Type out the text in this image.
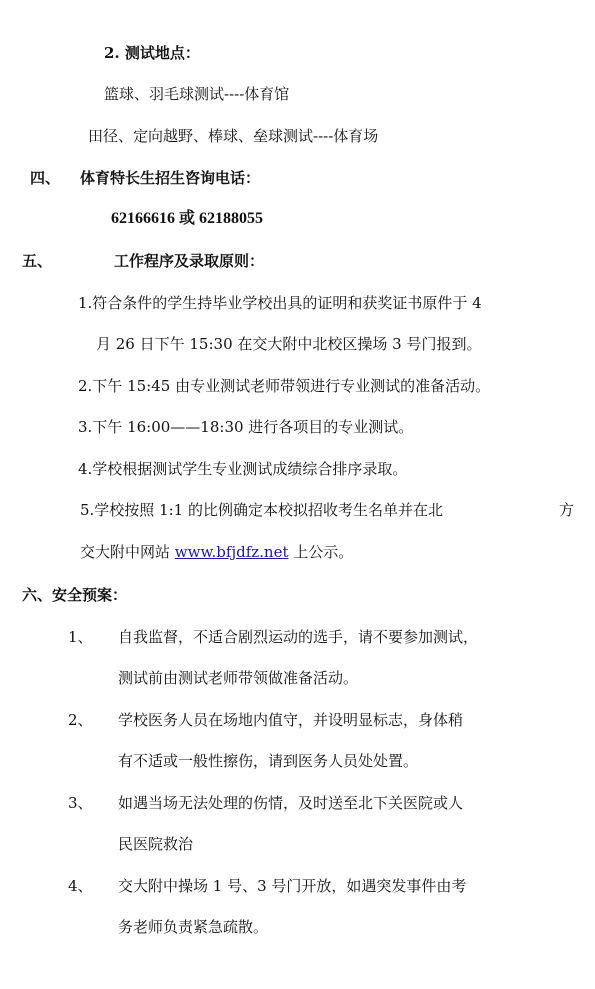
2. 测试地点：
篮球、羽毛球测试----体育馆
田径、定向越野、棒球、垒球测试----体育场
四、 体育特长生招生咨询电话：
62166616 或 62188055
五、	工作程序及录取原则：
1.符合条件的学生持毕业学校出具的证明和获奖证书原件于 4
月 26 日下午 15:30 在交大附中北校区操场 3 号门报到。
2.下午 15:45 由专业测试老师带领进行专业测试的准备活动。
3.下午 16:00——18:30 进行各项目的专业测试。
4.学校根据测试学生专业测试成绩综合排序录取。
5.学校按照 1:1 的比例确定本校拟招收考生名单并在北	方
交大附中网站 www.bfjdfz.net 上公示。
六、安全预案：
1、 自我监督，不适合剧烈运动的选手，请不要参加测试，
测试前由测试老师带领做准备活动。
2、 学校医务人员在场地内值守，并设明显标志，身体稍
有不适或一般性擦伤，请到医务人员处处置。
3、 如遇当场无法处理的伤情，及时送至北下关医院或人
民医院救治
4、 交大附中操场 1 号、3 号门开放，如遇突发事件由考
务老师负责紧急疏散。
